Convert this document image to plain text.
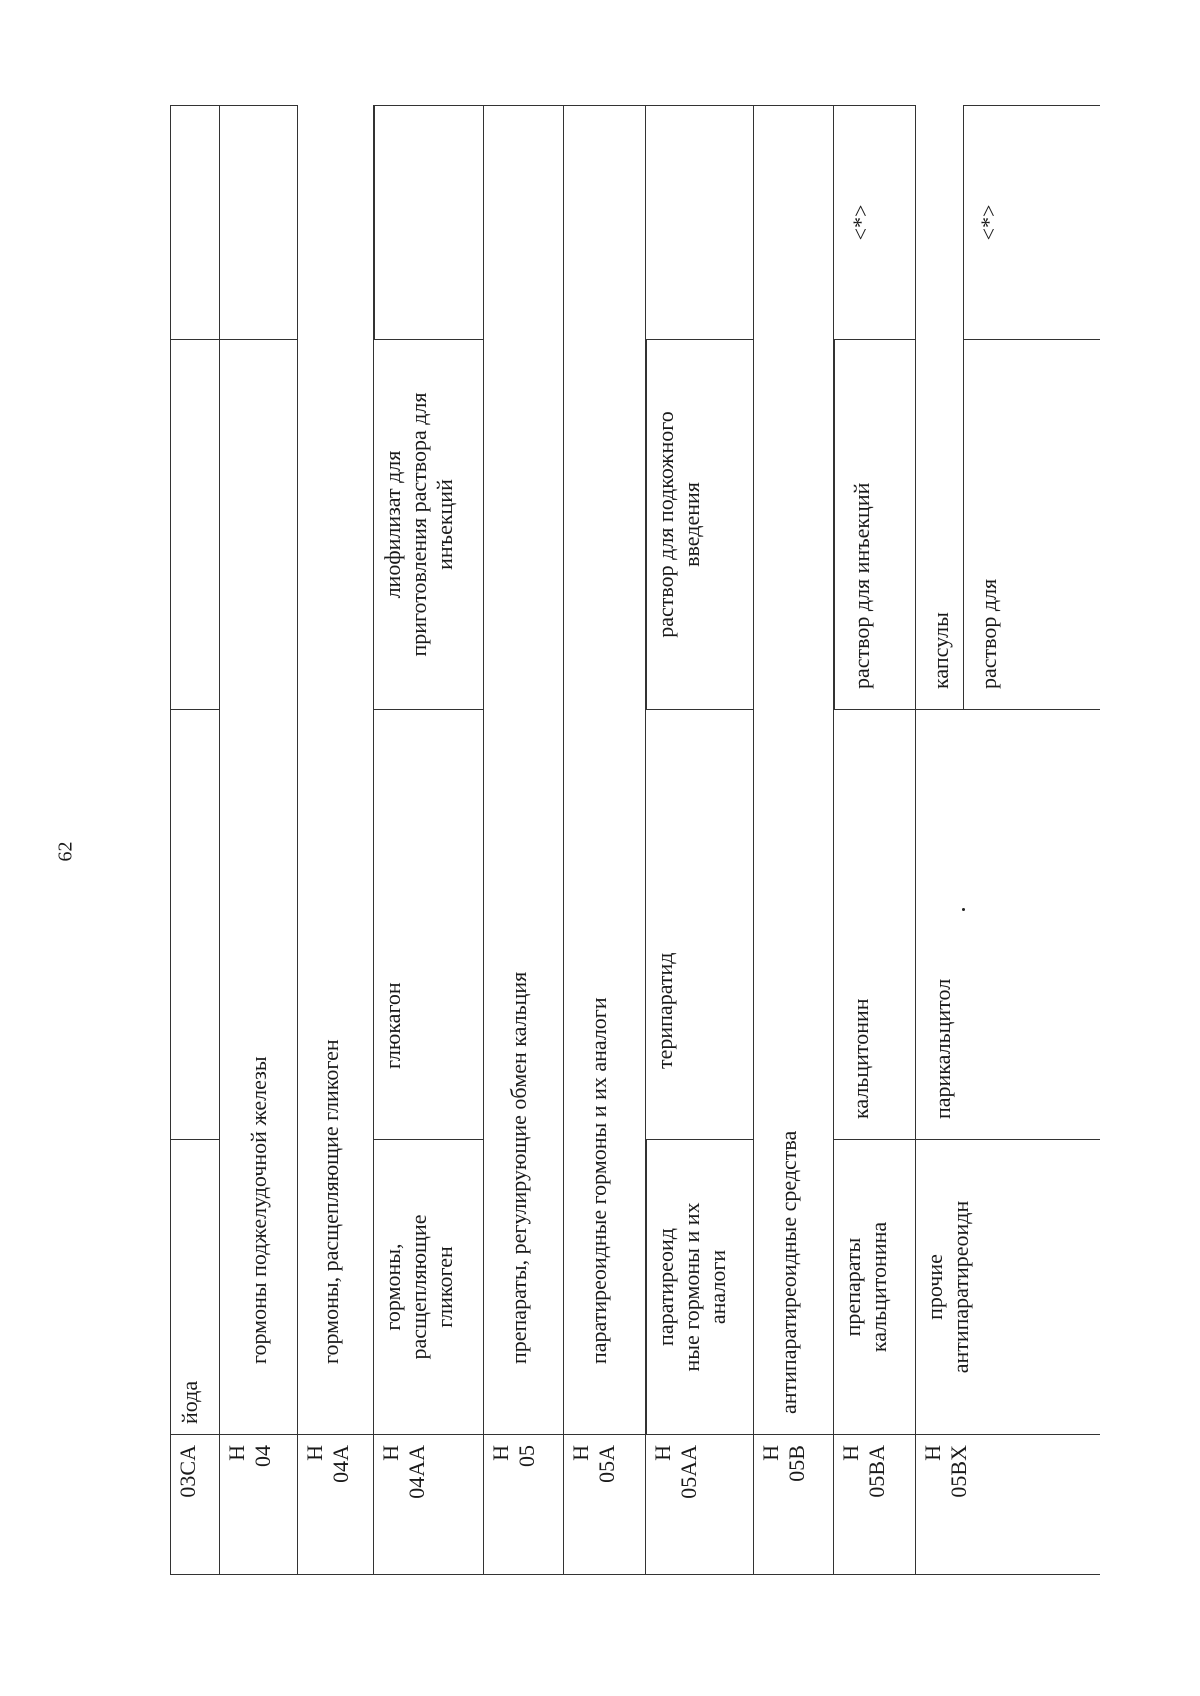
62
03CA
йода
H
04
гормоны поджелудочной железы
H
04A
гормоны, расщепляющие гликоген
H
04AA
гормоны,
расщепляющие
гликоген
глюкагон
лиофилизат для
приготовления раствора для
инъекций
H
05
препараты, регулирующие обмен кальция
H
05A
паратиреоидные гормоны и их аналоги
H
05AA
паратиреоид
ные гормоны и их
аналоги
терипаратид
раствор для подкожного
введения
H
05B
антипаратиреоидные средства
H
05BA
препараты
кальцитонина
кальцитонин
раствор для инъекций
<*>
H
05BX
прочие
антипаратиреоидн
парикальцитол
капсулы	раствор для
<*>
